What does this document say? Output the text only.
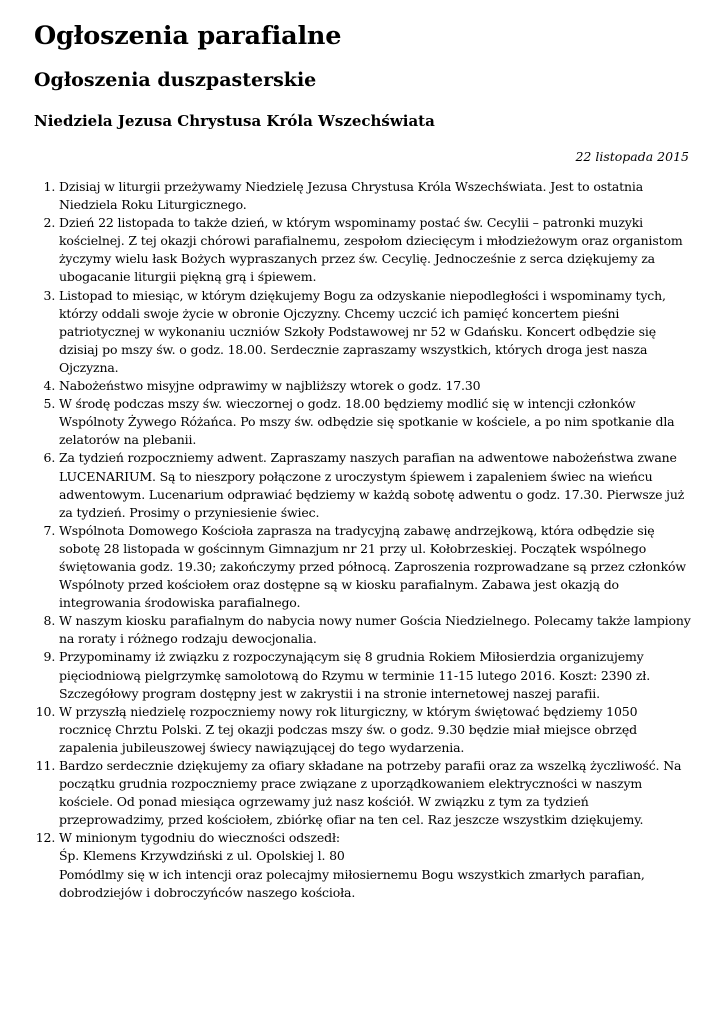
Ogłoszenia parafialne
Ogłoszenia duszpasterskie
Niedziela Jezusa Chrystusa Króla Wszechświata
22 listopada 2015
1. Dzisiaj w liturgii przeżywamy Niedzielę Jezusa Chrystusa Króla Wszechświata. Jest to ostatnia Niedziela Roku Liturgicznego.
2. Dzień 22 listopada to także dzień, w którym wspominamy postać św. Cecylii – patronki muzyki kościelnej. Z tej okazji chórowi parafialnemu, zespołom dziecięcym i młodzieżowym oraz organistom życzymy wielu łask Bożych wypraszanych przez św. Cecylię. Jednocześnie z serca dziękujemy za ubogacanie liturgii piękną grą i śpiewem.
3. Listopad to miesiąc, w którym dziękujemy Bogu za odzyskanie niepodległości i wspominamy tych, którzy oddali swoje życie w obronie Ojczyzny. Chcemy uczcić ich pamięć koncertem pieśni patriotycznej w wykonaniu uczniów Szkoły Podstawowej nr 52 w Gdańsku. Koncert odbędzie się dzisiaj po mszy św. o godz. 18.00. Serdecznie zapraszamy wszystkich, których droga jest nasza Ojczyzna.
4. Nabożeństwo misyjne odprawimy w najbliższy wtorek o godz. 17.30
5. W środę podczas mszy św. wieczornej o godz. 18.00 będziemy modlić się w intencji członków Wspólnoty Żywego Różańca. Po mszy św. odbędzie się spotkanie w kościele, a po nim spotkanie dla zelatorów na plebanii.
6. Za tydzień rozpoczniemy adwent. Zapraszamy naszych parafian na adwentowe nabożeństwa zwane LUCENARIUM. Są to nieszpory połączone z uroczystym śpiewem i zapaleniem świec na wieńcu adwentowym. Lucenarium odprawiać będziemy w każdą sobotę adwentu o godz. 17.30. Pierwsze już za tydzień. Prosimy o przyniesienie świec.
7. Wspólnota Domowego Kościoła zaprasza na tradycyjną zabawę andrzejkową, która odbędzie się sobotę 28 listopada w gościnnym Gimnazjum nr 21 przy ul. Kołobrzeskiej. Początek wspólnego świętowania godz. 19.30; zakończymy przed północą. Zaproszenia rozprowadzane są przez członków Wspólnoty przed kościołem oraz dostępne są w kiosku parafialnym. Zabawa jest okazją do integrowania środowiska parafialnego.
8. W naszym kiosku parafialnym do nabycia nowy numer Gościa Niedzielnego. Polecamy także lampiony na roraty i różnego rodzaju dewocjonalia.
9. Przypominamy iż związku z rozpoczynającym się 8 grudnia Rokiem Miłosierdzia organizujemy pięciodniową pielgrzymkę samolotową do Rzymu w terminie 11-15 lutego 2016. Koszt: 2390 zł. Szczegółowy program dostępny jest w zakrystii i na stronie internetowej naszej parafii.
10. W przyszłą niedzielę rozpoczniemy nowy rok liturgiczny, w którym świętować będziemy 1050 rocznicę Chrztu Polski. Z tej okazji podczas mszy św. o godz. 9.30 będzie miał miejsce obrzęd zapalenia jubileuszowej świecy nawiązującej do tego wydarzenia.
11. Bardzo serdecznie dziękujemy za ofiary składane na potrzeby parafii oraz za wszelką życzliwość. Na początku grudnia rozpoczniemy prace związane z uporządkowaniem elektryczności w naszym kościele. Od ponad miesiąca ogrzewamy już nasz kościół. W związku z tym za tydzień przeprowadzimy, przed kościołem, zbiórkę ofiar na ten cel. Raz jeszcze wszystkim dziękujemy.
12. W minionym tygodniu do wieczności odszedł:
Śp. Klemens Krzywdziński z ul. Opolskiej l. 80
Pomódlmy się w ich intencji oraz polecajmy miłosiernemu Bogu wszystkich zmarłych parafian, dobrodziejów i dobroczyńców naszego kościoła.
